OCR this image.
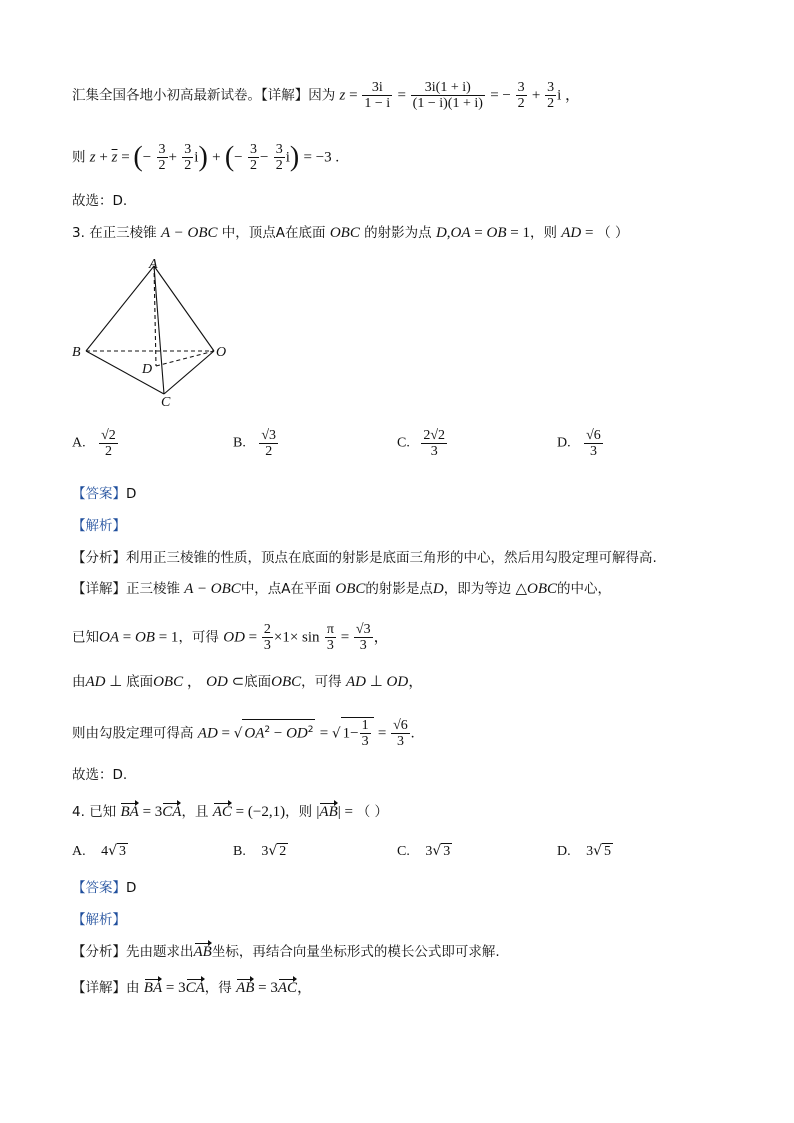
汇集全国各地小初高最新试卷。【详解】因为 $z = \frac{3i}{1 - i} = \frac{3i(1 + i)}{(1 - i)(1 + i)}$ = − $\frac{3}{2} + \frac{3}{2}$ i ，
则 $z + \overline{z}$ = (− $\frac{3}{2} + \frac{3}{2} i$) + (− $\frac{3}{2} - \frac{3}{2} i) = -3$ .
故选：D.
3. 在正三棱锥 A − OBC 中，顶点A在底面 OBC 的射影为点 D,OA = OB = 1，则 AD = （ ）
A
B	O
D
C
A. $\frac{√2}{2}$	B. $\frac{√3}{2}$	C. $\frac{2√2}{3}$	D. $\frac{√6}{3}$
【答案】D
【解析】
【分析】利用正三棱锥的性质，顶点在底面的射影是底面三角形的中心，然后用勾股定理可解得高.
【详解】正三棱锥 A − OBC中，点A在平面 OBC的射影是点D，即为等边 △OBC的中心，
已知OA = OB = 1，可得 OD = $\frac{2}{3} \times 1\times \sin \frac{\pi}{3} = \frac{√3}{3}$ ，
由AD ⊥ 底面OBC ， OD ⊂底面OBC，可得 AD ⊥ OD，
则由勾股定理可得高 AD = √ $OA^2 - OD^2$ = √ $1- \frac{1}{3} = \frac{√6}{3}$ .
故选：D.
4. 已知 BA = 3CA，且 AC = (−2,1)，则 |AB| = （ ）
A. 4√ 3	B. 3√ 2	C. 3√ 3	D. 3√ 5
【答案】D
【解析】
【分析】先由题求出AB坐标，再结合向量坐标形式的模长公式即可求解.
【详解】由 BA = 3CA，得 AB = 3AC，
